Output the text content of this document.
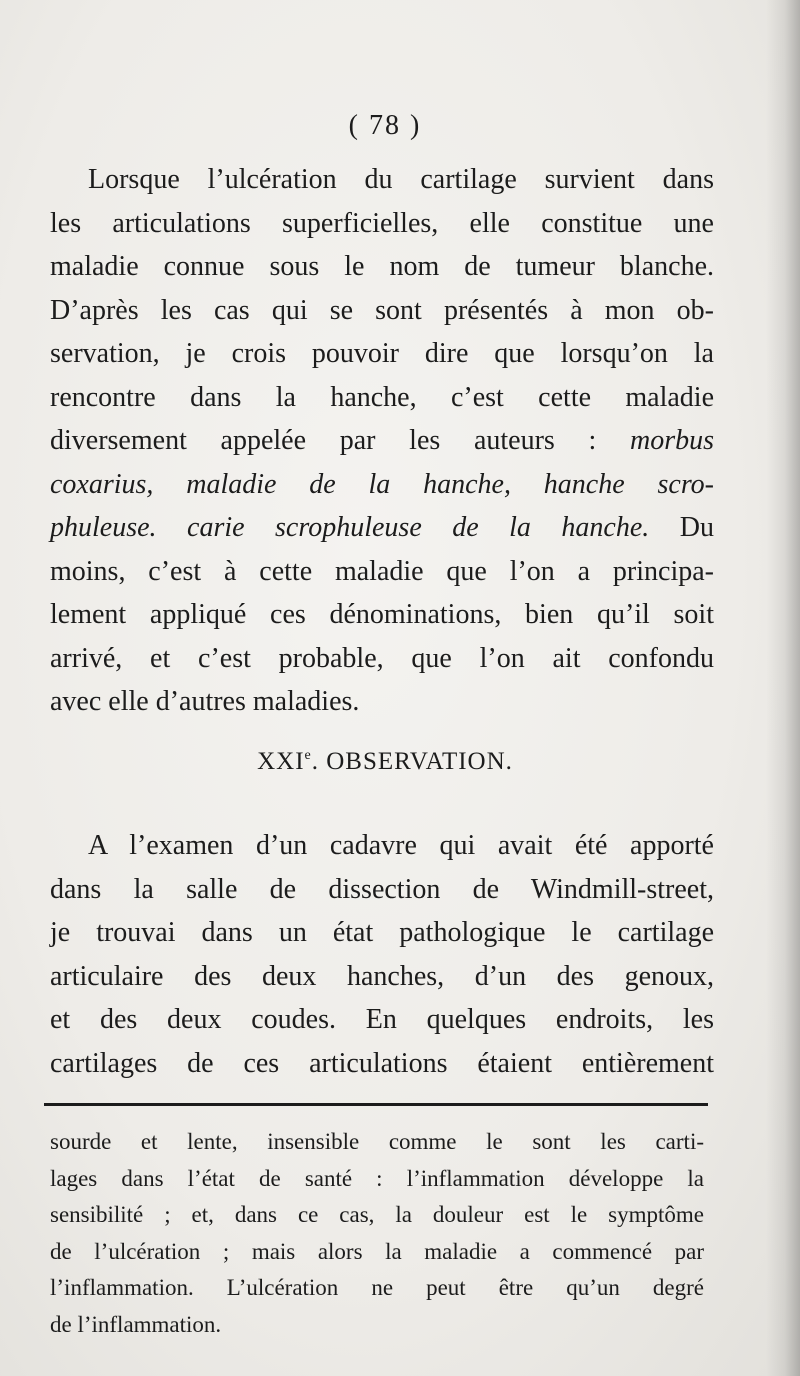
( 78 )
Lorsque l’ulcération du cartilage survient dans
les articulations superficielles, elle constitue une
maladie connue sous le nom de tumeur blanche.
D’après les cas qui se sont présentés à mon ob-
servation, je crois pouvoir dire que lorsqu’on la
rencontre dans la hanche, c’est cette maladie
diversement appelée par les auteurs : morbus
coxarius, maladie de la hanche, hanche scro-
phuleuse. carie scrophuleuse de la hanche. Du
moins, c’est à cette maladie que l’on a principa-
lement appliqué ces dénominations, bien qu’il soit
arrivé, et c’est probable, que l’on ait confondu
avec elle d’autres maladies.
XXIe. OBSERVATION.
A l’examen d’un cadavre qui avait été apporté
dans la salle de dissection de Windmill-street,
je trouvai dans un état pathologique le cartilage
articulaire des deux hanches, d’un des genoux,
et des deux coudes. En quelques endroits, les
cartilages de ces articulations étaient entièrement
sourde et lente, insensible comme le sont les carti-
lages dans l’état de santé : l’inflammation développe la
sensibilité ; et, dans ce cas, la douleur est le symptôme
de l’ulcération ; mais alors la maladie a commencé par
l’inflammation. L’ulcération ne peut être qu’un degré
de l’inflammation.
